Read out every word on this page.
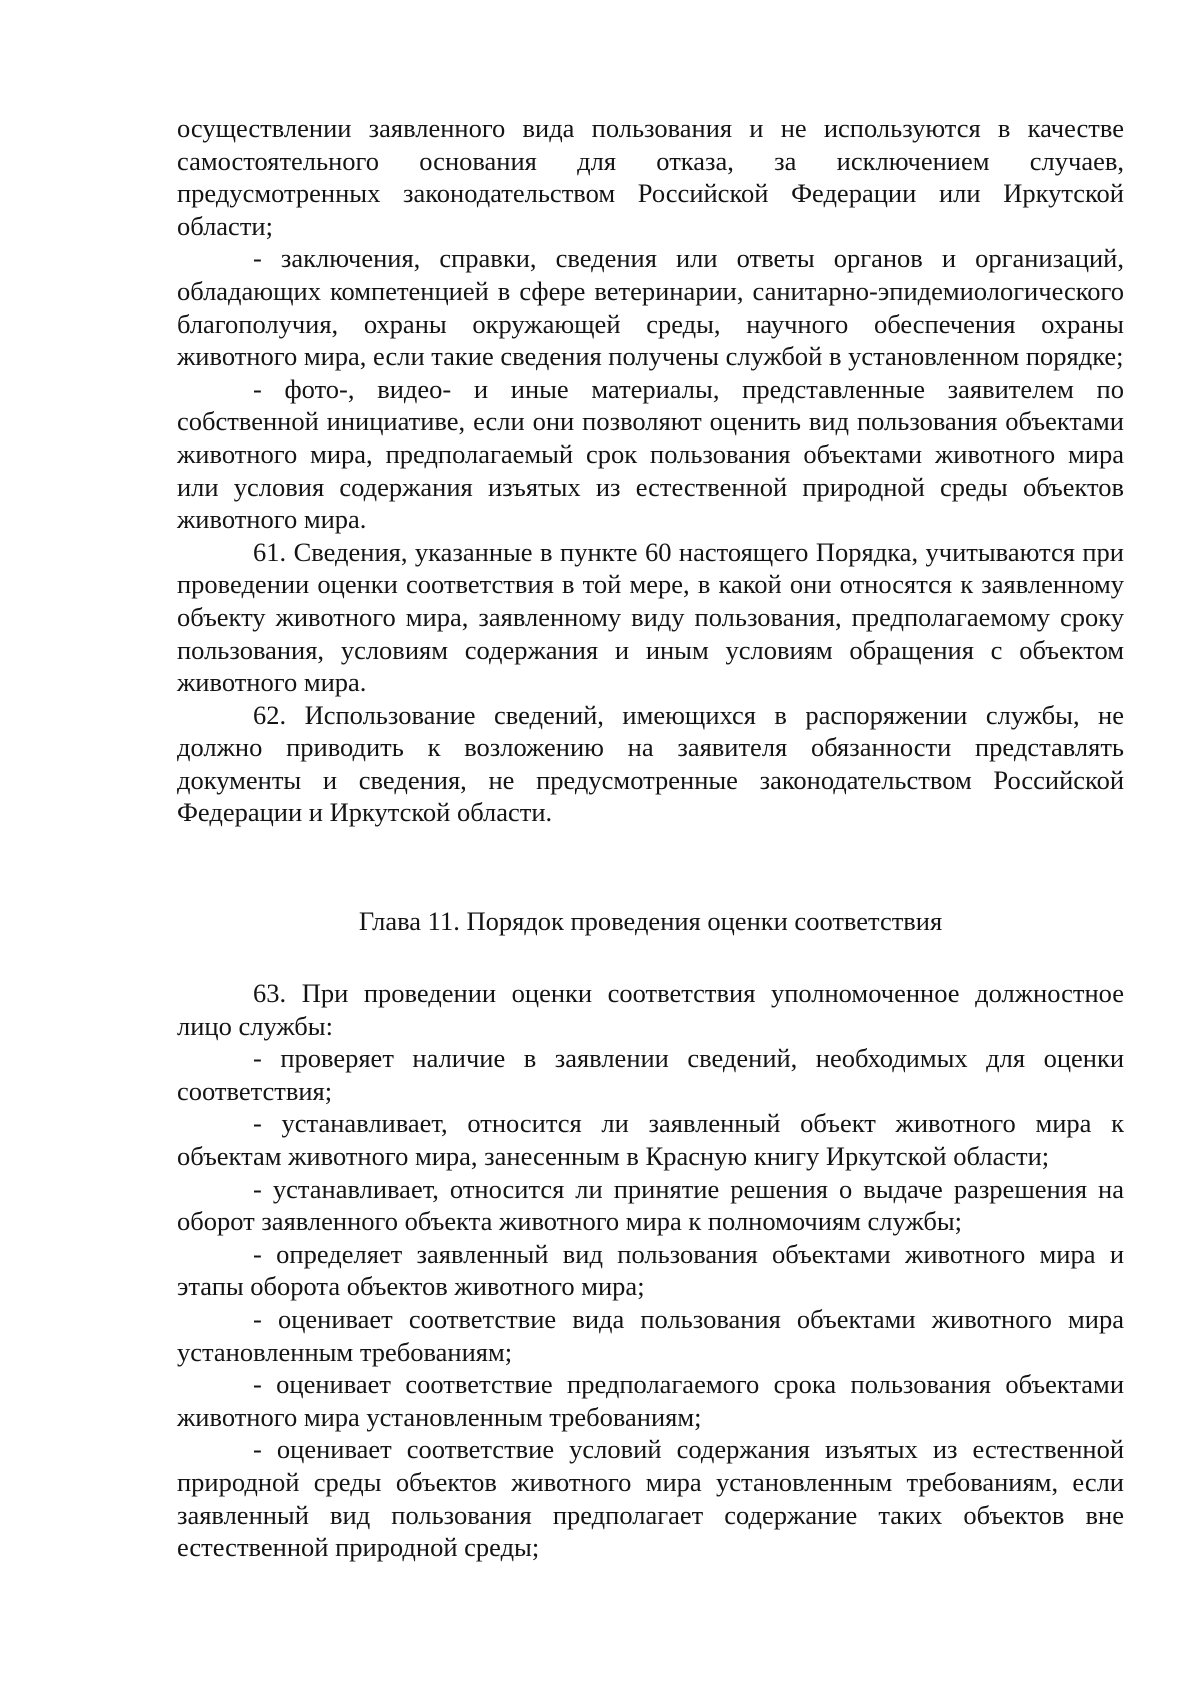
осуществлении заявленного вида пользования и не используются в качестве самостоятельного основания для отказа, за исключением случаев, предусмотренных законодательством Российской Федерации или Иркутской области;

- заключения, справки, сведения или ответы органов и организаций, обладающих компетенцией в сфере ветеринарии, санитарно-эпидемиологического благополучия, охраны окружающей среды, научного обеспечения охраны животного мира, если такие сведения получены службой в установленном порядке;

- фото-, видео- и иные материалы, представленные заявителем по собственной инициативе, если они позволяют оценить вид пользования объектами животного мира, предполагаемый срок пользования объектами животного мира или условия содержания изъятых из естественной природной среды объектов животного мира.

61. Сведения, указанные в пункте 60 настоящего Порядка, учитываются при проведении оценки соответствия в той мере, в какой они относятся к заявленному объекту животного мира, заявленному виду пользования, предполагаемому сроку пользования, условиям содержания и иным условиям обращения с объектом животного мира.

62. Использование сведений, имеющихся в распоряжении службы, не должно приводить к возложению на заявителя обязанности представлять документы и сведения, не предусмотренные законодательством Российской Федерации и Иркутской области.

Глава 11. Порядок проведения оценки соответствия

63. При проведении оценки соответствия уполномоченное должностное лицо службы:

- проверяет наличие в заявлении сведений, необходимых для оценки соответствия;

- устанавливает, относится ли заявленный объект животного мира к объектам животного мира, занесенным в Красную книгу Иркутской области;

- устанавливает, относится ли принятие решения о выдаче разрешения на оборот заявленного объекта животного мира к полномочиям службы;

- определяет заявленный вид пользования объектами животного мира и этапы оборота объектов животного мира;

- оценивает соответствие вида пользования объектами животного мира установленным требованиям;

- оценивает соответствие предполагаемого срока пользования объектами животного мира установленным требованиям;

- оценивает соответствие условий содержания изъятых из естественной природной среды объектов животного мира установленным требованиям, если заявленный вид пользования предполагает содержание таких объектов вне естественной природной среды;
